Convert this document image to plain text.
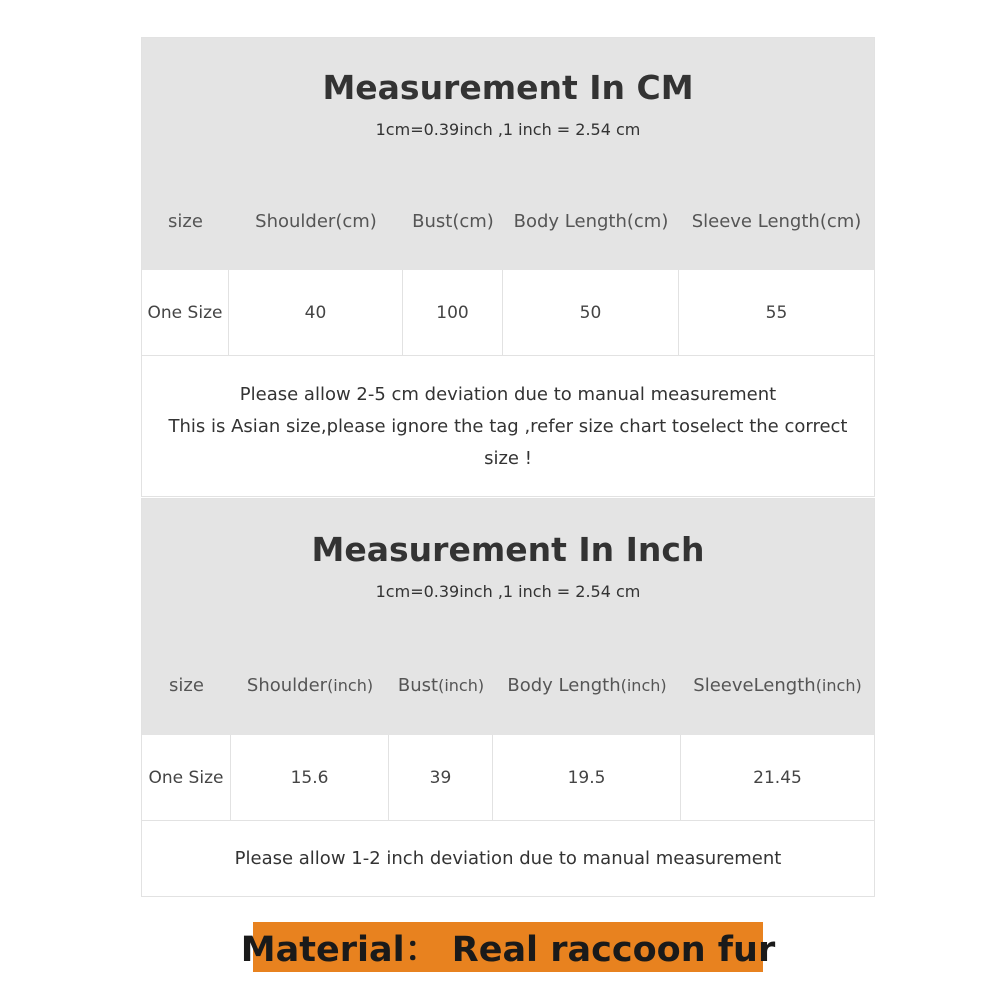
Measurement In CM
1cm=0.39inch ,1 inch = 2.54 cm
size	Shoulder(cm)	Bust(cm)	Body Length(cm)	Sleeve Length(cm)
One Size	40	100	50	55
Please allow 2-5 cm deviation due to manual measurement
This is Asian size,please ignore the tag ,refer size chart toselect the correct
size !
Measurement In Inch
1cm=0.39inch ,1 inch = 2.54 cm
size	Shoulder (inch) Bust (inch) Body Length (inch) SleeveLength (inch)
One Size	15.6	39	19.5	21.45
Please allow 1-2 inch deviation due to manual measurement
Material： Real raccoon fur
